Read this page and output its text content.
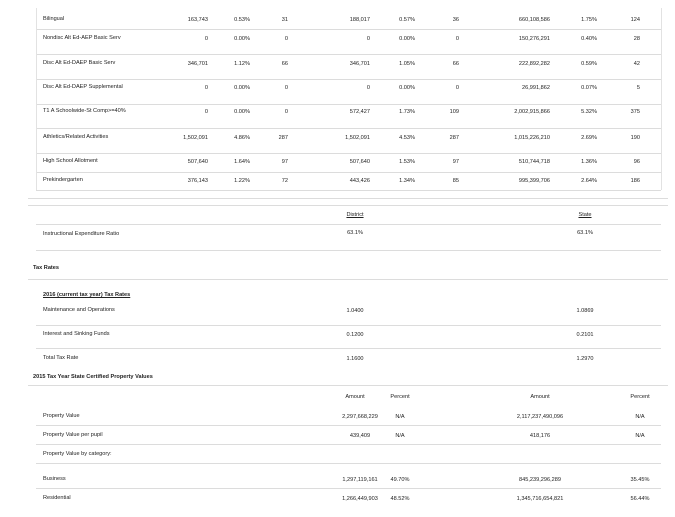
Bilingual	163,743	0.53%	31	188,017	0.57%	36	660,108,586	1.75%	124
Nondisc Alt Ed-AEP Basic Serv	0	0.00%	0	0	0.00%	0	150,276,291	0.40%	28
Disc Alt Ed-DAEP Basic Serv	346,701	1.12%	66	346,701	1.05%	66	222,892,282	0.59%	42
Disc Alt Ed-DAEP Supplemental	0	0.00%	0	0	0.00%	0	26,991,862	0.07%	5
T1 A Schoolwide-St Comp>=40%	0	0.00%	0	572,427	1.73%	109	2,002,915,866	5.32%	375
Athletics/Related Activities	1,502,091	4.86%	287	1,502,091	4.53%	287	1,015,226,210	2.69%	190
High School Allotment	507,640	1.64%	97	507,640	1.53%	97	510,744,718	1.36%	96
Prekindergarten	376,143	1.22%	72	443,426	1.34%	85	995,399,706	2.64%	186
District	State
Instructional Expenditure Ratio	63.1%	63.1%
Tax Rates
2016 (current tax year) Tax Rates
Maintenance and Operations	1.0400	1.0869
Interest and Sinking Funds	0.1200	0.2101
Total Tax Rate	1.1600	1.2970
2015 Tax Year State Certified Property Values
Amount	Percent	Amount	Percent
Property Value	2,297,668,229	N/A	2,117,237,490,096	N/A
Property Value per pupil	439,409	N/A	418,176	N/A
Property Value by category:
Business	1,297,119,161	49.70%	845,239,296,289	35.45%
Residential	1,266,449,903	48.52%	1,345,716,654,821	56.44%
